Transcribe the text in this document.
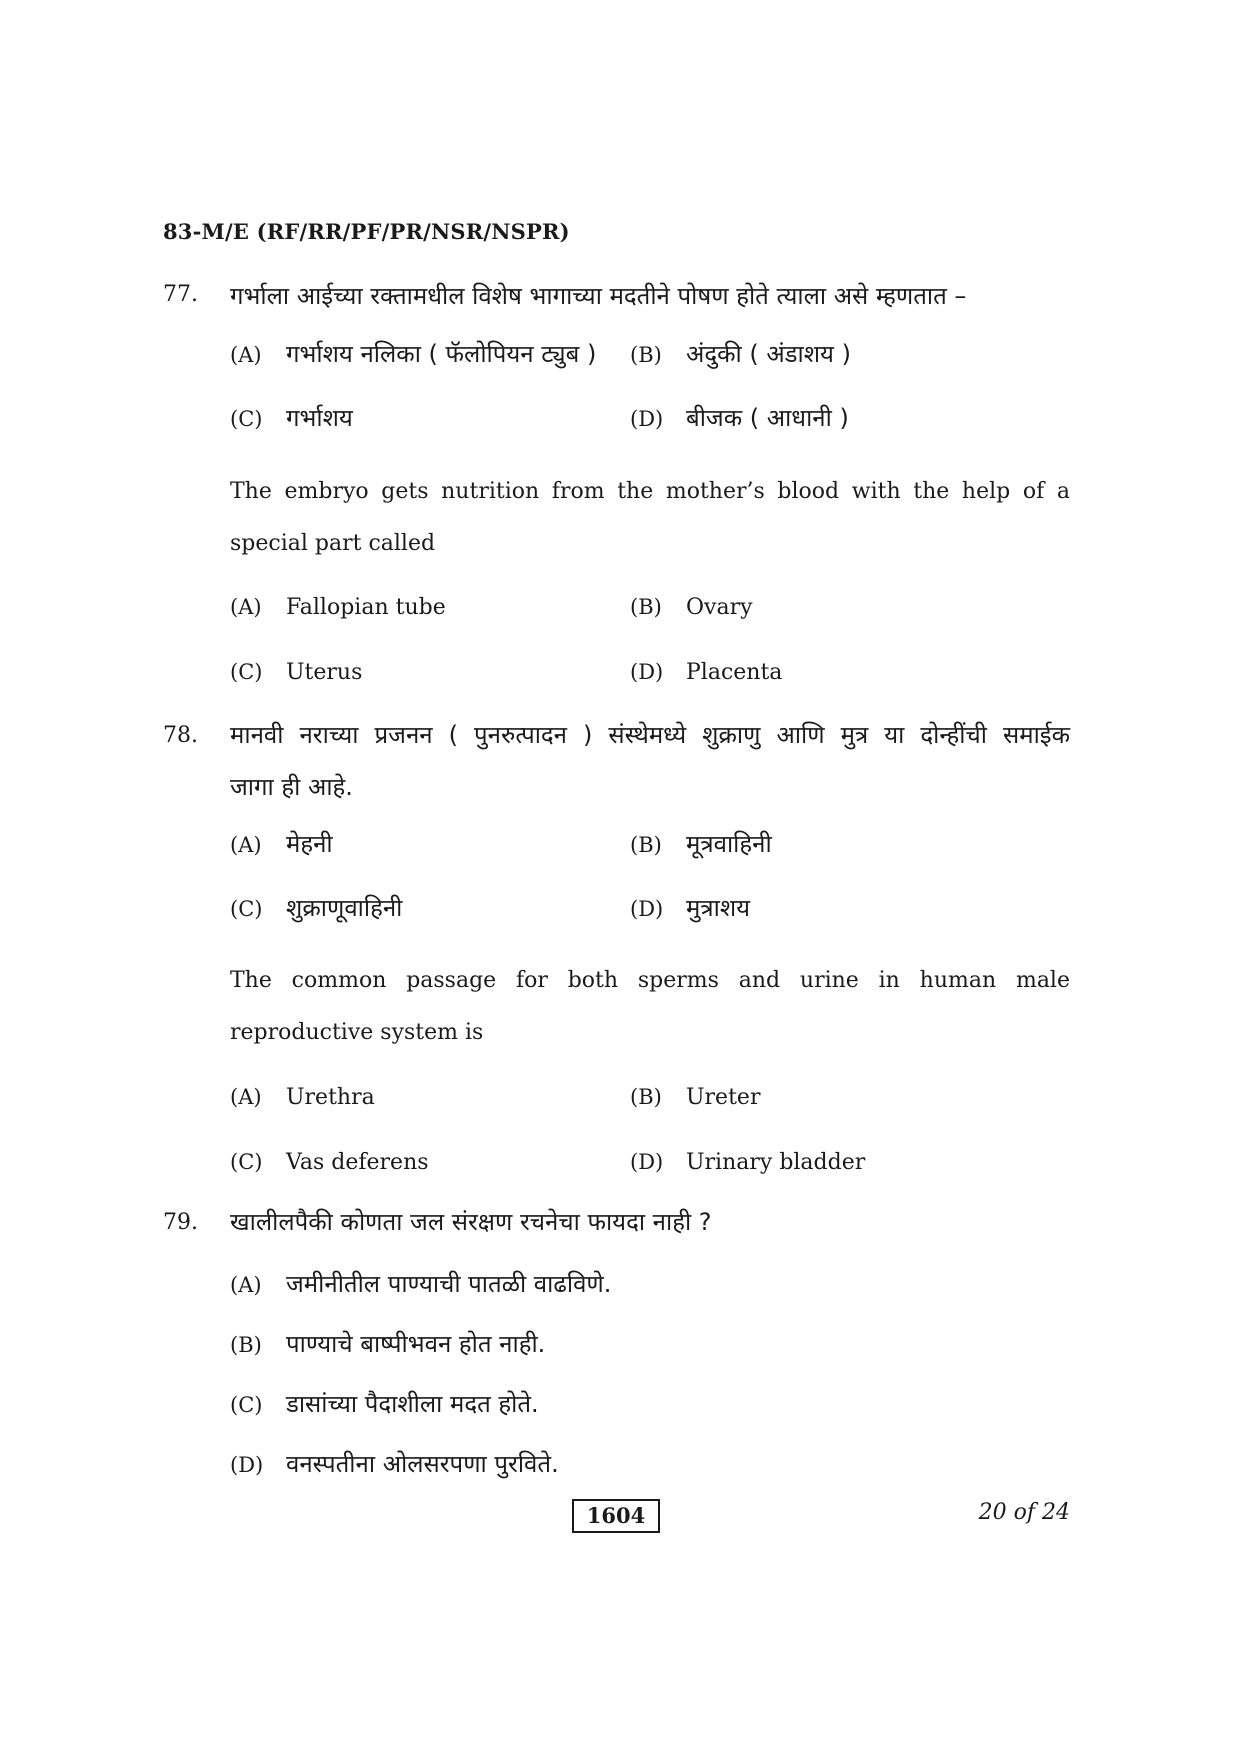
83-M/E (RF/RR/PF/PR/NSR/NSPR)
77. गर्भाला आईच्या रक्तामधील विशेष भागाच्या मदतीने पोषण होते त्याला असे म्हणतात –
(A)	गर्भाशय नलिका ( फॅलोपियन ट्युब ) (B)	अंदुकी ( अंडाशय )
(C) गर्भाशय	(D) बीजक ( आधानी )
The embryo gets nutrition from the mother’s blood with the help of a
special part called
(A)	Fallopian tube	(B)	Ovary
(C)	Uterus	(D)	Placenta
78. मानवी नराच्या प्रजनन ( पुनरुत्पादन ) संस्थेमध्ये शुक्राणु आणि मुत्र या दोन्हींची समाईक
जागा ही आहे.
(A)	मेहनी	(B)	मूत्रवाहिनी
(C) शुक्राणूवाहिनी	(D) मुत्राशय
The common passage for both sperms and urine in human male
reproductive system is
(A)	Urethra	(B)	Ureter
(C)	Vas deferens	(D)	Urinary bladder
79. खालीलपैकी कोणता जल संरक्षण रचनेचा फायदा नाही ?
(A)	जमीनीतील पाण्याची पातळी वाढविणे.
(B)	पाण्याचे बाष्पीभवन होत नाही.
(C) डासांच्या पैदाशीला मदत होते.
(D) वनस्पतीना ओलसरपणा पुरविते.
1604	20 of 24
